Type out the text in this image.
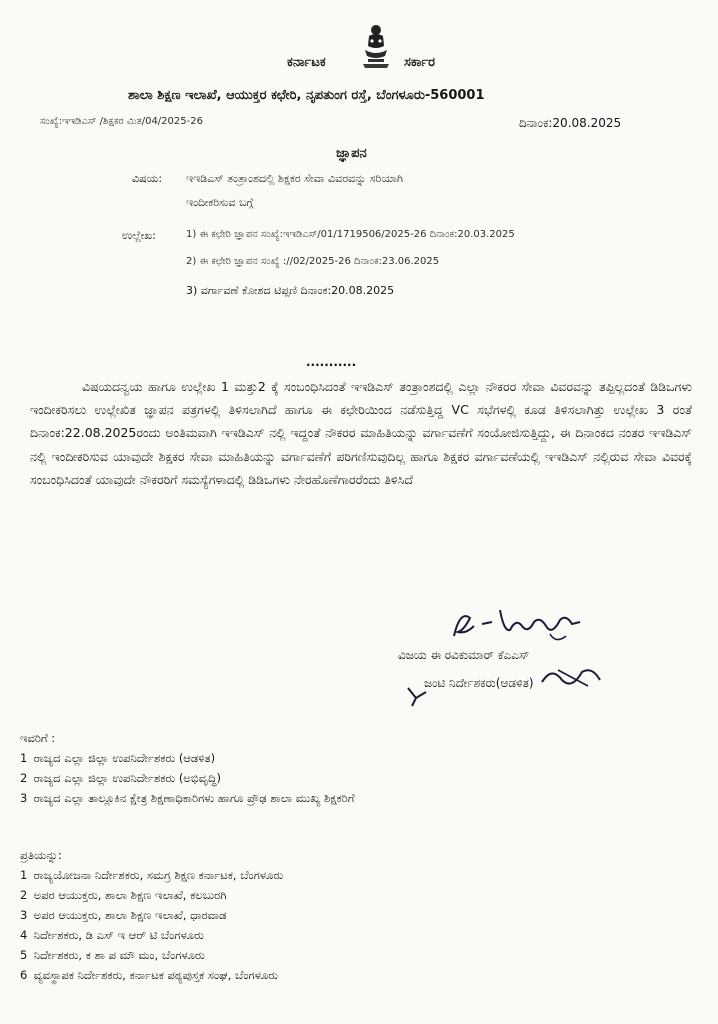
ಕರ್ನಾಟಕ	ಸರ್ಕಾರ
ಶಾಲಾ ಶಿಕ್ಷಣ ಇಲಾಖೆ, ಆಯುಕ್ತರ ಕಛೇರಿ, ನೃಪತುಂಗ ರಸ್ತೆ, ಬೆಂಗಳೂರು-560001
ಸಂಖ್ಯೆ:ಇಇಡಿಎಸ್ /ಶಿಕ್ಷಕರ ಮಿತ/04/2025-26	ದಿನಾಂಕ:20.08.2025
ಜ್ಞಾಪನ
ವಿಷಯ: ಇಇಡಿಎಸ್ ತಂತ್ರಾಂಶದಲ್ಲಿ ಶಿಕ್ಷಕರ ಸೇವಾ ವಿವರವನ್ನು ಸರಿಯಾಗಿ
ಇಂದೀಕರಿಸುವ ಬಗ್ಗೆ
ಉಲ್ಲೇಖ:	1) ಈ ಕಛೇರಿ ಜ್ಞಾಪನ ಸಂಖ್ಯೆ:ಇಇಡಿಎಸ್/01/1719506/2025-26 ದಿನಾಂಕ:20.03.2025
2) ಈ ಕಛೇರಿ ಜ್ಞಾಪನ ಸಂಖ್ಯೆ ://02/2025-26 ದಿನಾಂಕ:23.06.2025
3) ವರ್ಗಾವಣೆ ಕೋಶದ ಟಿಪ್ಪಣಿ ದಿನಾಂಕ:20.08.2025
...........
ವಿಷಯದನ್ವಯ ಹಾಗೂ ಉಲ್ಲೇಖ 1 ಮತ್ತು2 ಕ್ಕೆ ಸಂಬಂಧಿಸಿದಂತೆ ಇಇಡಿಎಸ್ ತಂತ್ರಾಂಶದಲ್ಲಿ ಎಲ್ಲಾ ನೌಕರರ ಸೇವಾ ವಿವರವನ್ನು ತಪ್ಪಿಲ್ಲದಂತೆ ಡಿಡಿಒಗಳು ಇಂದೀಕರಿಸಲು ಉಲ್ಲೇಖಿತ ಜ್ಞಾಪನ ಪತ್ರಗಳಲ್ಲಿ ತಿಳಿಸಲಾಗಿದೆ ಹಾಗೂ ಈ ಕಛೇರಿಯಿಂದ ನಡೆಸುತ್ತಿದ್ದ VC ಸಭೆಗಳಲ್ಲಿ ಕೂಡ ತಿಳಿಸಲಾಗಿತ್ತು ಉಲ್ಲೇಖ 3 ರಂತೆ ದಿನಾಂಕ:22.08.2025ರಂದು ಅಂತಿಮವಾಗಿ ಇಇಡಿಎಸ್ ನಲ್ಲಿ ಇದ್ದಂತೆ ನೌಕರರ ಮಾಹಿತಿಯನ್ನು ವರ್ಗಾವಣೆಗೆ ಸಂಯೋಜಿಸುತ್ತಿದ್ದು, ಈ ದಿನಾಂಕದ ನಂತರ ಇಇಡಿಎಸ್ ನಲ್ಲಿ ಇಂದೀಕರಿಸುವ ಯಾವುದೇ ಶಿಕ್ಷಕರ ಸೇವಾ ಮಾಹಿತಿಯನ್ನು ವರ್ಗಾವಣೆಗೆ ಪರಿಗಣಿಸುವುದಿಲ್ಲ ಹಾಗೂ ಶಿಕ್ಷಕರ ವರ್ಗಾವಣೆಯಲ್ಲಿ ಇಇಡಿಎಸ್ ನಲ್ಲಿರುವ ಸೇವಾ ವಿವರಕ್ಕೆ ಸಂಬಂಧಿಸಿದಂತೆ ಯಾವುದೇ ನೌಕರರಿಗೆ ಸಮಸ್ಯೆಗಳಾದಲ್ಲಿ ಡಿಡಿಒಗಳು ನೇರಹೊಣೆಗಾರರೆಂದು ತಿಳಿಸಿದೆ
ವಿಜಯ ಈ ರವಿಕುಮಾರ್ ಕೆಎಎಸ್
ಜಂಟಿ ನಿರ್ದೇಶಕರು(ಆಡಳಿತ)
ಇವರಿಗೆ :
1 ರಾಜ್ಯದ ಎಲ್ಲಾ ಜಿಲ್ಲಾ ಉಪನಿರ್ದೇಶಕರು (ಆಡಳಿತ)
2 ರಾಜ್ಯದ ಎಲ್ಲಾ ಜಿಲ್ಲಾ ಉಪನಿರ್ದೇಶಕರು (ಅಭಿವೃದ್ಧಿ)
3 ರಾಜ್ಯದ ಎಲ್ಲಾ ತಾಲ್ಲೂಕಿನ ಕ್ಷೇತ್ರ ಶಿಕ್ಷಣಾಧಿಕಾರಿಗಳು ಹಾಗೂ ಪ್ರೌಢ ಶಾಲಾ ಮುಖ್ಯ ಶಿಕ್ಷಕರಿಗೆ
ಪ್ರತಿಯನ್ನು:
1 ರಾಜ್ಯಯೋಜನಾ ನಿರ್ದೇಶಕರು, ಸಮಗ್ರ ಶಿಕ್ಷಣ ಕರ್ನಾಟಕ, ಬೆಂಗಳೂರು
2 ಅಪರ ಆಯುಕ್ತರು, ಶಾಲಾ ಶಿಕ್ಷಣ ಇಲಾಖೆ, ಕಲಬುರಗಿ
3 ಅಪರ ಆಯುಕ್ತರು, ಶಾಲಾ ಶಿಕ್ಷಣ ಇಲಾಖೆ, ಧಾರವಾಡ
4 ನಿರ್ದೇಶಕರು, ಡಿ ಎಸ್ ಇ ಆರ್ ಟಿ ಬೆಂಗಳೂರು
5 ನಿರ್ದೇಶಕರು, ಕ ಶಾ ಪ ಮೌ ಮಂ, ಬೆಂಗಳೂರು
6 ವ್ಯವಸ್ಥಾಪಕ ನಿರ್ದೇಶಕರು, ಕರ್ನಾಟಕ ಪಠ್ಯಪುಸ್ತಕ ಸಂಘ, ಬೆಂಗಳೂರು
